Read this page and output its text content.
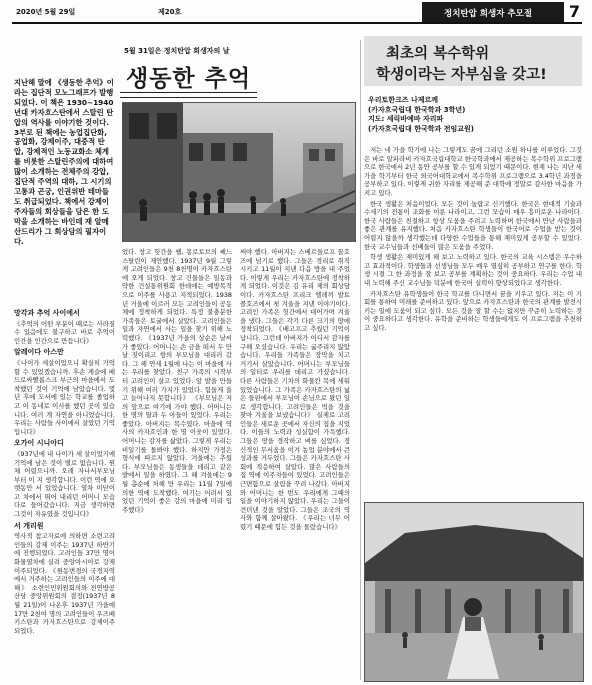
2020년 5월 29일	제20호	정치탄압 희생자 추모절 7
5월 31일은 정치탄압 희생자의 날
생동한 추억
지난해 말에 《생동한 추억》이라는 집단적 모노그래프가 발행되었다. 이 책은 1930~1940년대 카자흐스탄에서 스탈린 탄압의 역사를 이야기한 것이다. 3부로 된 책에는 농업집단화, 공업화, 강제이주, 대중적 탄압, 강제적인 노동교화소 체계를 비롯한 스탈린주의에 대하여 많이 소개하는 전체주의 강압, 집단적 주역의 대하, 그 시기의 고통과 곤궁, 인권위반 테마들도 취급되었다. 책에서 강제이주자들의 회상들을 담은 한 도막을 소개하는 바인데 재 알메산드리가 그 회상담의 필자이다.
망각과 추억 사이에서
《추억의 어떤 부분이 때로는 사라질 수 있음에도 불구하고 바로 추억이 인간을 인간으로 만듭니다》
알레이다 아스만
《나이가 세살이었으니 확실히 기억할 수 있었겠습니까. 후손 게슬에 배드로싸빨롭스크 부근의 마을에서 도착했던 것이 기억에 남았습니다. 몇 년 후에 도서에 있는 학교를 졸업하고 이 동네로 이사를 했던 곳이 있습니다. 여러 개 자연을 아니었습니다. 우리는 사람들 사이에서 살았던 기억입니다》
오가이 시니아디
《937년에 내 나이가 세 살이었기에 기억에 남은 것이 별로 없습니다. 원체 어렸으니까. 오래 자나서부모님 부터 이 지 생각합니다. 이런 역에 오랫동안 서 있었습니다. 열차 미닫이고 차에서 뛰어 내리던 어머니 모습 다로 들어갔습니다. 지금 생각하면 그것이 자유였을 것입니다》
서 개리원
역사적 참고자료에 의하면 소련고려인들의 강제 이주는 1937년 하반기에 진행되었다. 고려인들 37만 명이 화물열차에 실려 중앙아시아로 강제 이주되었다. 《원동변경의 국경지역에서 거주하는 고려인들의 이주에 대해》 소련인민위원회의와 전연방공산당 중앙위원회의 결정(1937년 8월 21일)이 나온후 1937년 가을에 17만 2천여 명의 고려인들이 우즈베키스탄과 카자흐스탄으로 강제이주되었다.
었다. 창고 헛간을 쌤, 몽로토브의 쎄느스탈린이 제안했다. 1937년 9월 그렇게 고려인들은 9천 8천명이 카자흐스탄에 오게 되었다. 창고 건물들은 일동과 약한 건설통위원회 한데에는 예방목적으로 이주를 사용고 지적되었다. 1938년 거울에 이르러 모든 고려인들이 공동체에 정착하게 되었다. 특정 불충분한 가족들은 토굴에서 살았다. 고려인들은 일과 자연에서 사는 일을 찾기 위해 노력했다. 《1937년 가을의 상순은 날씨가 좋았다. 어머니는 손 금을 떠서 두 만날 짓이리고 항의 부모님을 대리러 갔다. 그 해 연세 1월에 나는 이 마을에 사는 우리를 찾았다. 친구 가족의 시작부터 고려인이 살고 있었다. 앞 밭을 만들기 위해 여러 가지가 있었다. 힘들게 울고 늘어나지 못합니다》 《부모님은 저의 앞으로 여기에 가야 했다. 어머니는 한 명의 딸과 두 아들이 있었다. 우리는 좋았다. 아버지는 목수였다. 마을에 역사의 카자흐인과 한 명 이웃이 있었다. 어머니는 감자를 삶았다. 그렇게 우리는 비일기를 돌봐야 했다. 하지만 가정은 형식에 따르지 않았다. 겨울에는 추웠다. 부모님들은 동생들을 데리고 같은 밭에서 일을 하였다. 그 해 겨울에는 9월 총순에 처해 만 우리는 11월 7일에 의한 역에 도착했다. 여기는 어려서 있었던 기억이 좋은 강의 마을에 미리 입주했다》
써야 했다. 아버지는 스베르들로프 꼴호즈에 넘기로 했다. 그들은 경리로 취직시키고 11월이 지낸 다음 방을 내 주었다. 이렇게 우리는 카자흐스탄에 정착하게 되었다. 이것은 김 유리 제의 회상담이다. 카자흐스탄 프리크 엘레끼 발토 콜호즈에서 첫 겨울을 지낸 이야기이다. 고려인 가족은 헛간에서 대어가며 겨울을 냈다. 그들은 각기 다른 크기의 땅에 정착되었다. 《배고프고 추웠던 기억이 납니다. 그런데 아버지가 어디서 감자를 구해 오셨습니다. 우리는 굶주리지 않았습니다. 우리들 가족들은 장막을 치고 거기서 살았습니다. 어머니는 부모님들의 일터로 우리를 데리고 가셨습니다. 다른 사람들은 기차의 화물칸 목에 세워 있었습니다. 그 가족은 카자흐스탄의 넓은 들판에서 부모님이 손님으로 왔던 일로 생각합니다. 고려인들은 먹을 것을 찾아 겨울을 보냈습니다》 실제로 고려인들은 새로운 곳에서 자신의 집을 지었다. 이들의 노력과 성실함이 가득했다. 그들은 땅을 경작하고 벼를 심었다. 정신적인 무서움을 이겨 농업 분야에서 큰 성과를 거두었다. 그들은 카자흐스탄 사회에 적응하여 살았다. 많은 사람들의 집 역에 이주자들이 있었다. 고려인들은 근면함으로 살림을 꾸려 나갔다. 아버지와 어머니는 한 번도 우리에게 그때의 일을 이야기하지 않았다. 우리는 그들이 견뎌낸 것을 알았다. 그들은 조국의 역사와 함께 살아왔다. 《우리는 너무 어렸기 때문에 힘든 것을 몰랐습니다》
최초의 복수학위
학생이라는 자부심을 갖고!
우리토한크즈 나제르께
(카자흐국립대 한국학과 3학년)
지도: 세릭바예바 자리파
(카자흐국립대 한국학과 전임교원)

저는 네 가을 학기에 나는 그렇게도 꿈에 그리던 소원 하나를 이루었다. 그것은 바로 알파라비 카자흐국립대학교 한국학과에서 제공하는 복수학위 프로그램으로 한국에서 2년 동안 공부를 할 수 있게 되었기 때문이다. 현재 나는 지난 세 가을 학기부터 한국 외국어대학교에서 복수학위 프로그램으로 3.4학년 과정을 공부하고 있다. 이렇게 귀한 자리를 제공해 준 대학에 정말로 감사한 마음을 가지고 있다.

한국 생활은 처음이었다. 모든 것이 놀랍고 신기했다. 한국은 현대적 기술과 수세기의 전통이 조화를 이룬 나라이고, 그런 모습이 매우 흥미로운 나라이다. 한국 사람들은 친절하고 항상 도움을 주려고 노력하며 한국에서 만난 사람들과 좋은 관계를 유지했다. 처음 카자흐스탄 학생들이 한국어로 수업을 받는 것이 어렵지 않을까 생각했는데 다양한 수업들을 통해 재미있게 공부할 수 있었다. 한국 교수님들과 선배들이 많은 도움을 주었다.

학생 생활은 재미있게 해 보고 노력하고 있다. 한국의 교육 시스템은 우수하고 효과적이다. 학생들과 선생님들 모두 매우 열심히 공부하고 연구를 한다. 학생 시절 그 한 과정을 잘 보고 공부를 계획하는 것이 중요하다. 우리는 수업 내내 노력해 주신 교수님들 덕분에 한국어 실력이 향상되었다고 생각한다.

카자흐스탄 유학생들이 한국 학교를 다니면서 꿈을 키우고 있다. 저는 이 기회를 통하여 미래를 준비하고 있다. 앞으로 카자흐스탄과 한국의 관계를 발전시키는 일에 도움이 되고 싶다. 모든 것을 잘 할 수는 없지만 꾸준히 노력하는 것이 중요하다고 생각한다. 유학을 준비하는 학생들에게도 이 프로그램을 추천하고 싶다.
